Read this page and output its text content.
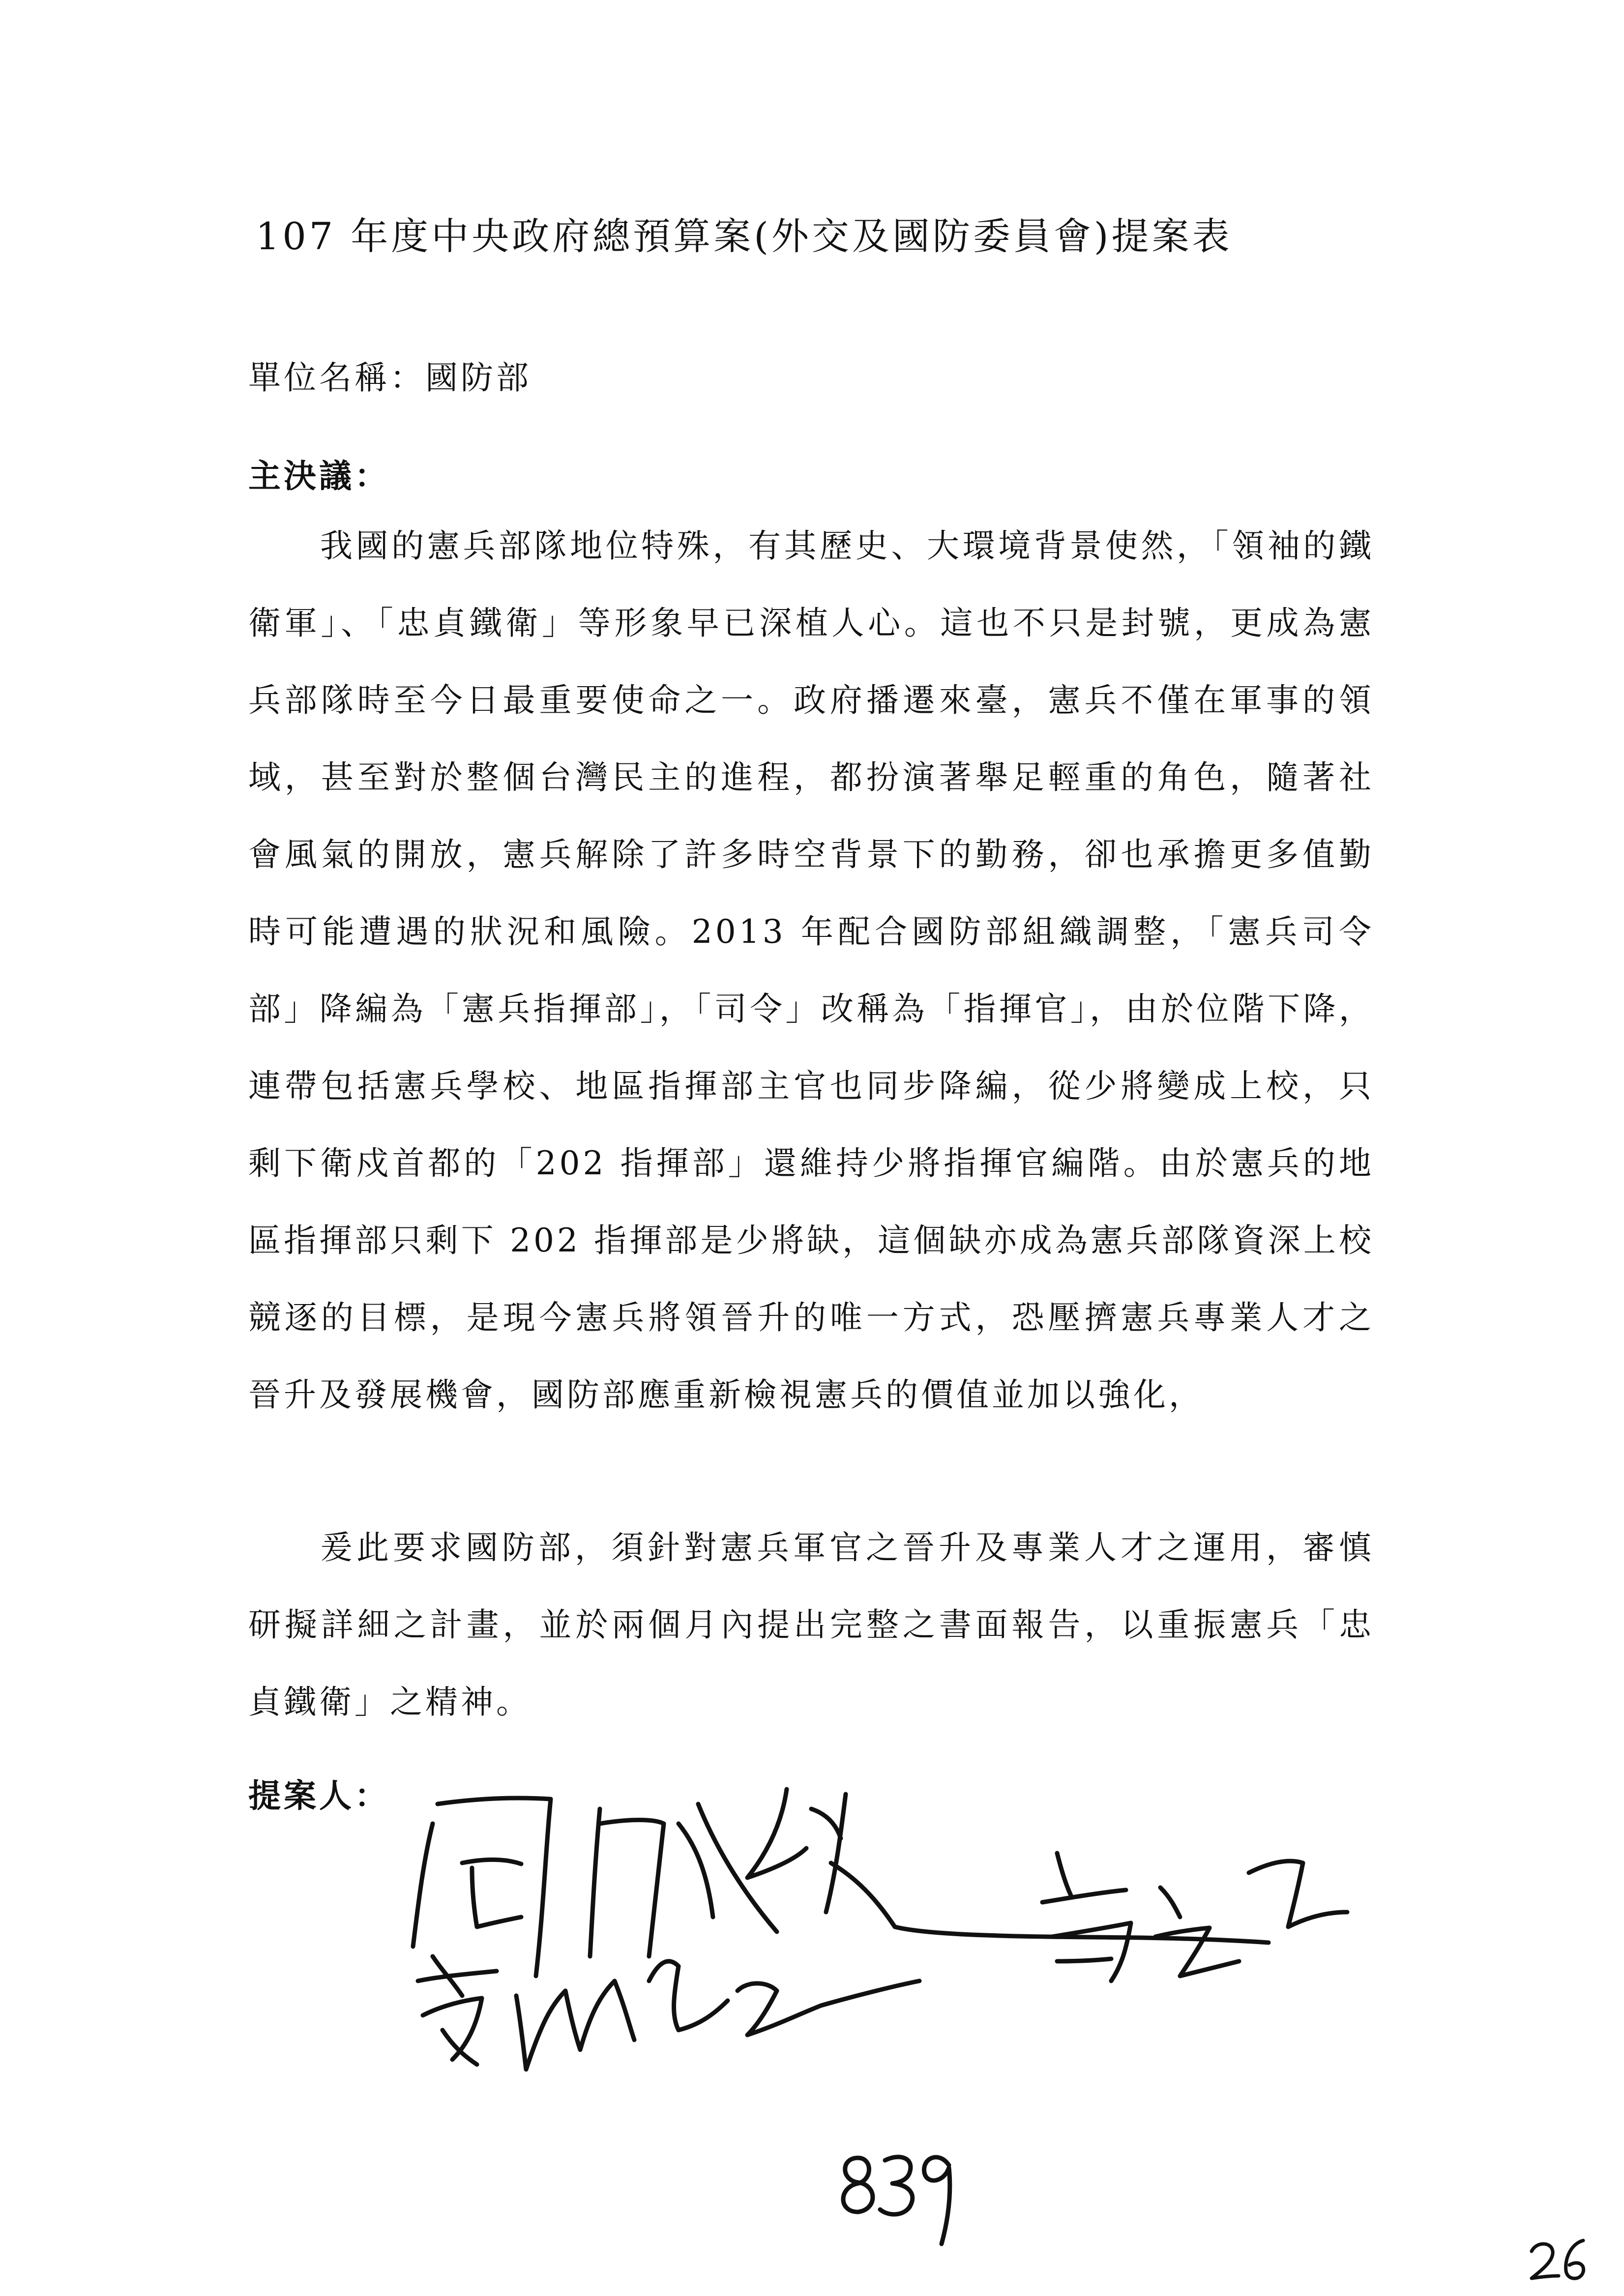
107 年度中央政府總預算案(外交及國防委員會)提案表
單位名稱：國防部
主決議：
我國的憲兵部隊地位特殊，有其歷史、大環境背景使然，「領袖的鐵衛軍」、「忠貞鐵衛」等形象早已深植人心。這也不只是封號，更成為憲兵部隊時至今日最重要使命之一。政府播遷來臺，憲兵不僅在軍事的領域，甚至對於整個台灣民主的進程，都扮演著舉足輕重的角色，隨著社會風氣的開放，憲兵解除了許多時空背景下的勤務，卻也承擔更多值勤時可能遭遇的狀況和風險。2013 年配合國防部組織調整，「憲兵司令部」降編為「憲兵指揮部」，「司令」改稱為「指揮官」，由於位階下降，連帶包括憲兵學校、地區指揮部主官也同步降編，從少將變成上校，只剩下衛戍首都的「202 指揮部」還維持少將指揮官編階。由於憲兵的地區指揮部只剩下 202 指揮部是少將缺，這個缺亦成為憲兵部隊資深上校競逐的目標，是現今憲兵將領晉升的唯一方式，恐壓擠憲兵專業人才之晉升及發展機會，國防部應重新檢視憲兵的價值並加以強化，
爰此要求國防部，須針對憲兵軍官之晉升及專業人才之運用，審慎研擬詳細之計畫，並於兩個月內提出完整之書面報告，以重振憲兵「忠貞鐵衛」之精神。
提案人：
